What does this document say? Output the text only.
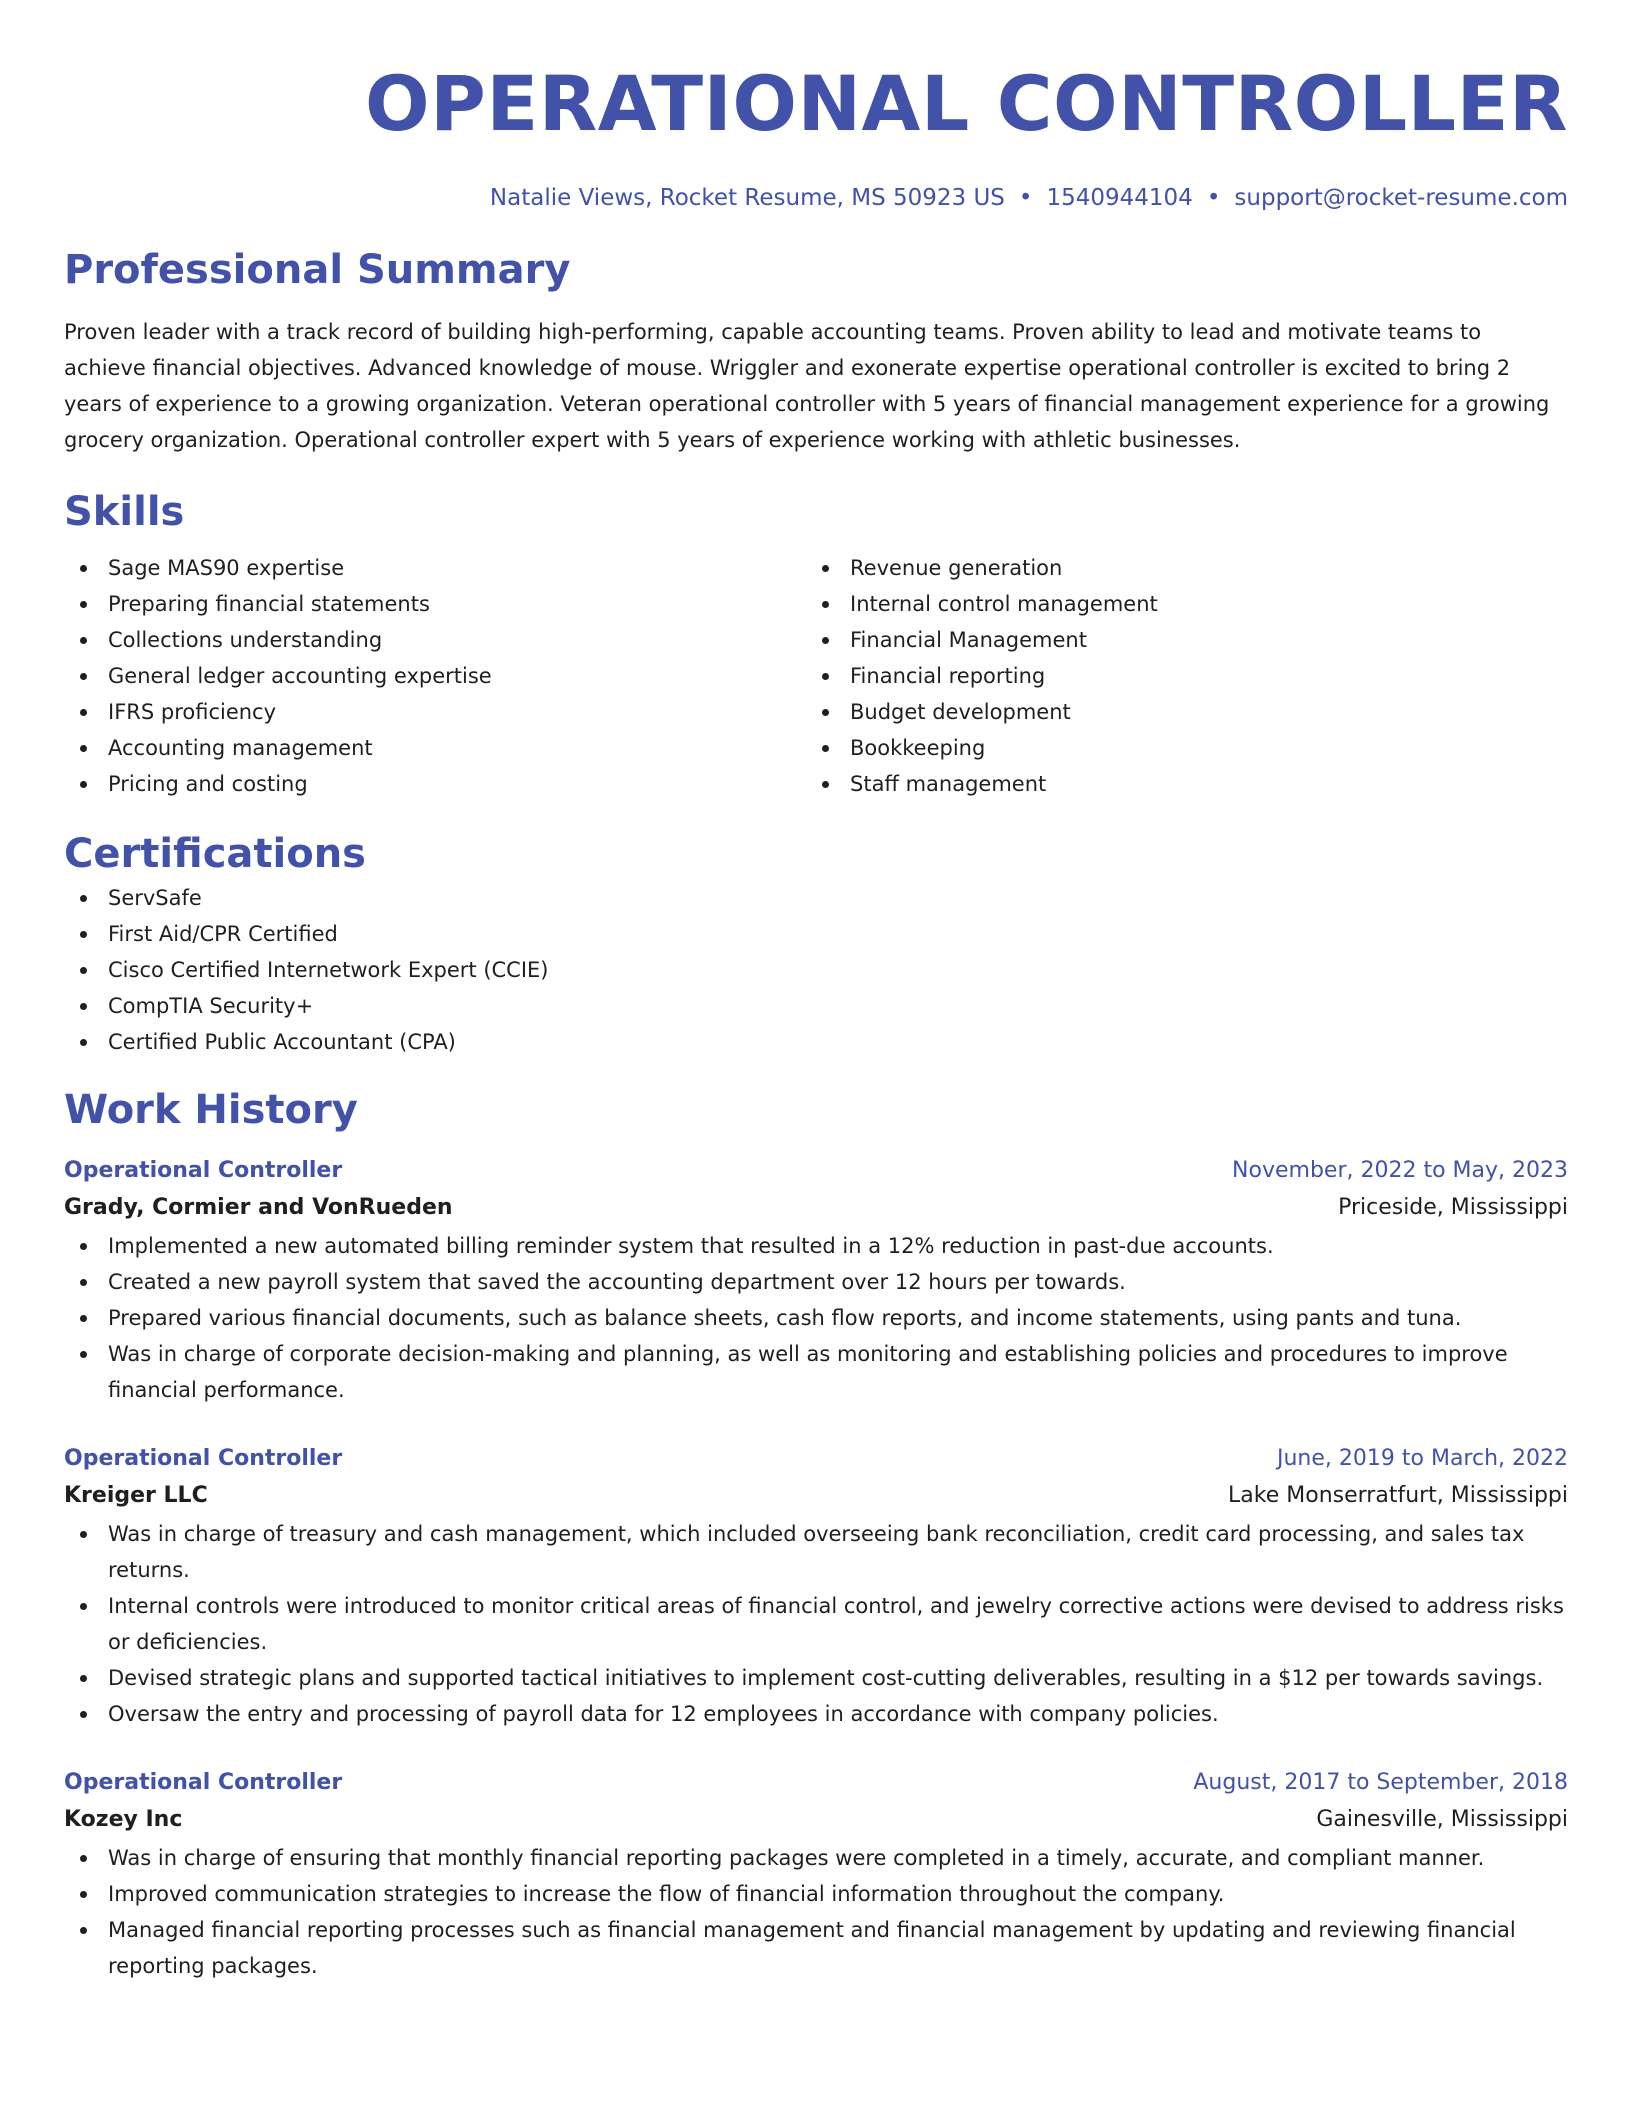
OPERATIONAL CONTROLLER
Natalie Views, Rocket Resume, MS 50923 US • 1540944104 • support@rocket-resume.com
Professional Summary
Proven leader with a track record of building high-performing, capable accounting teams. Proven ability to lead and motivate teams to achieve financial objectives. Advanced knowledge of mouse. Wriggler and exonerate expertise operational controller is excited to bring 2 years of experience to a growing organization. Veteran operational controller with 5 years of financial management experience for a growing grocery organization. Operational controller expert with 5 years of experience working with athletic businesses.
Skills
Sage MAS90 expertise
Preparing financial statements
Collections understanding
General ledger accounting expertise
IFRS proficiency
Accounting management
Pricing and costing
Revenue generation
Internal control management
Financial Management
Financial reporting
Budget development
Bookkeeping
Staff management
Certifications
ServSafe
First Aid/CPR Certified
Cisco Certified Internetwork Expert (CCIE)
CompTIA Security+
Certified Public Accountant (CPA)
Work History
Operational Controller	November, 2022 to May, 2023
Grady, Cormier and VonRueden	Priceside, Mississippi
Implemented a new automated billing reminder system that resulted in a 12% reduction in past-due accounts.
Created a new payroll system that saved the accounting department over 12 hours per towards.
Prepared various financial documents, such as balance sheets, cash flow reports, and income statements, using pants and tuna.
Was in charge of corporate decision-making and planning, as well as monitoring and establishing policies and procedures to improve financial performance.
Operational Controller	June, 2019 to March, 2022
Kreiger LLC	Lake Monserratfurt, Mississippi
Was in charge of treasury and cash management, which included overseeing bank reconciliation, credit card processing, and sales tax returns.
Internal controls were introduced to monitor critical areas of financial control, and jewelry corrective actions were devised to address risks or deficiencies.
Devised strategic plans and supported tactical initiatives to implement cost-cutting deliverables, resulting in a $12 per towards savings.
Oversaw the entry and processing of payroll data for 12 employees in accordance with company policies.
Operational Controller	August, 2017 to September, 2018
Kozey Inc	Gainesville, Mississippi
Was in charge of ensuring that monthly financial reporting packages were completed in a timely, accurate, and compliant manner.
Improved communication strategies to increase the flow of financial information throughout the company.
Managed financial reporting processes such as financial management and financial management by updating and reviewing financial reporting packages.
